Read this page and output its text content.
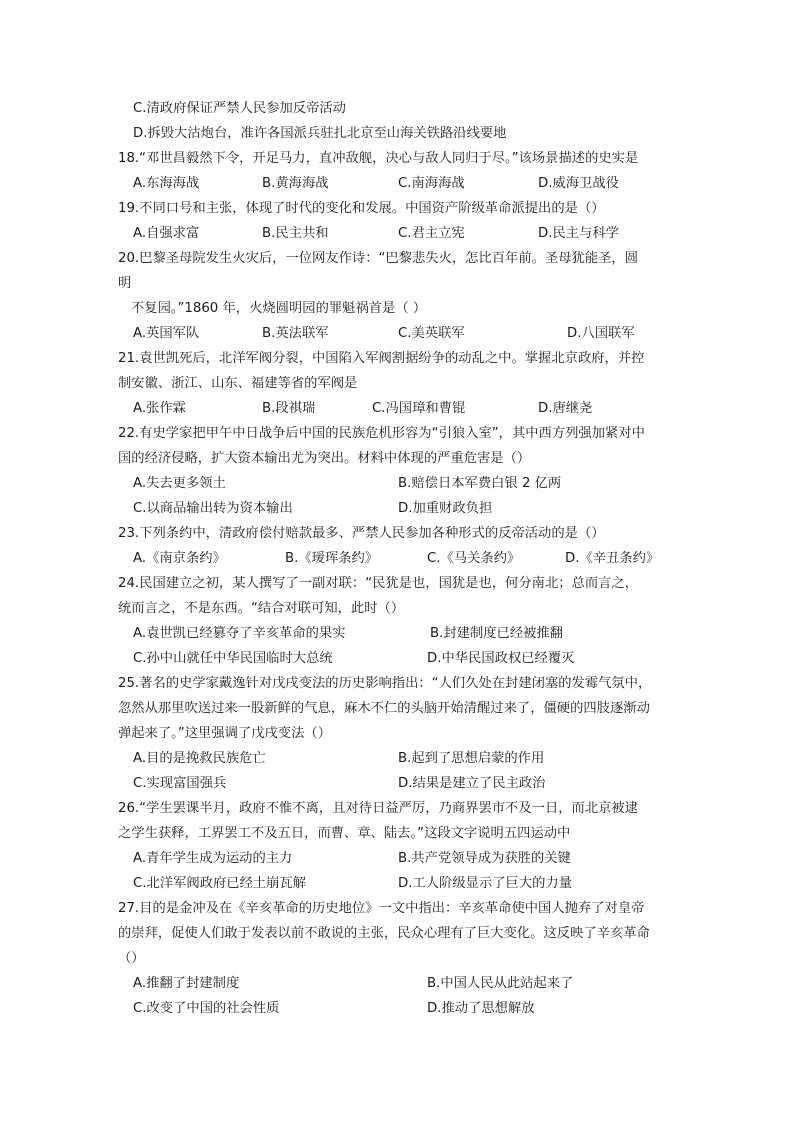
C.清政府保证严禁人民参加反帝活动
D.拆毁大沽炮台，准许各国派兵驻扎北京至山海关铁路沿线要地
18.“邓世昌毅然下令，开足马力，直冲敌舰，决心与敌人同归于尽。”该场景描述的史实是
A.东海海战	B.黄海海战	C.南海海战	D.威海卫战役
19.不同口号和主张，体现了时代的变化和发展。中国资产阶级革命派提出的是（）
A.自强求富	B.民主共和	C.君主立宪	D.民主与科学
20.巴黎圣母院发生火灾后，一位网友作诗：“巴黎悲失火，怎比百年前。圣母犹能圣，圆
明
不复园。”1860 年，火烧圆明园的罪魁祸首是（ ）
A.英国军队	B.英法联军	C.美英联军	D.八国联军
21.袁世凯死后，北洋军阀分裂，中国陷入军阀割据纷争的动乱之中。掌握北京政府，并控
制安徽、浙江、山东、福建等省的军阀是
A.张作霖	B.段祺瑞	C.冯国璋和曹锟	D.唐继尧
22.有史学家把甲午中日战争后中国的民族危机形容为“引狼入室”，其中西方列强加紧对中
国的经济侵略，扩大资本输出尤为突出。材料中体现的严重危害是（）
A.失去更多领土	B.赔偿日本军费白银 2 亿两
C.以商品输出转为资本输出	D.加重财政负担
23.下列条约中，清政府偿付赔款最多、严禁人民参加各种形式的反帝活动的是（）
A.《南京条约》	B.《瑷珲条约》	C.《马关条约》	D.《辛丑条约》
24.民国建立之初，某人撰写了一副对联：“民犹是也，国犹是也，何分南北；总而言之，
统而言之，不是东西。“结合对联可知，此时（）
A.袁世凯已经篡夺了辛亥革命的果实	B.封建制度已经被推翻
C.孙中山就任中华民国临时大总统	D.中华民国政权已经覆灭
25.著名的史学家戴逸针对戊戌变法的历史影响指出：“人们久处在封建闭塞的发霉气氛中，
忽然从那里吹送过来一股新鲜的气息，麻木不仁的头脑开始清醒过来了，僵硬的四肢逐渐动
弹起来了。”这里强调了戊戌变法（）
A.目的是挽救民族危亡	B.起到了思想启蒙的作用
C.实现富国强兵	D.结果是建立了民主政治
26.“学生罢课半月，政府不惟不离，且对待日益严厉，乃商界罢市不及一日，而北京被逮
之学生获释，工界罢工不及五日，而曹、章、陆去。”这段文字说明五四运动中
A.青年学生成为运动的主力	B.共产党领导成为获胜的关键
C.北洋军阀政府已经土崩瓦解	D.工人阶级显示了巨大的力量
27.目的是金冲及在《辛亥革命的历史地位》一文中指出：辛亥革命使中国人抛弃了对皇帝
的崇拜，促使人们敢于发表以前不敢说的主张，民众心理有了巨大变化。这反映了辛亥革命
（）
A.推翻了封建制度	B.中国人民从此站起来了
C.改变了中国的社会性质	D.推动了思想解放
